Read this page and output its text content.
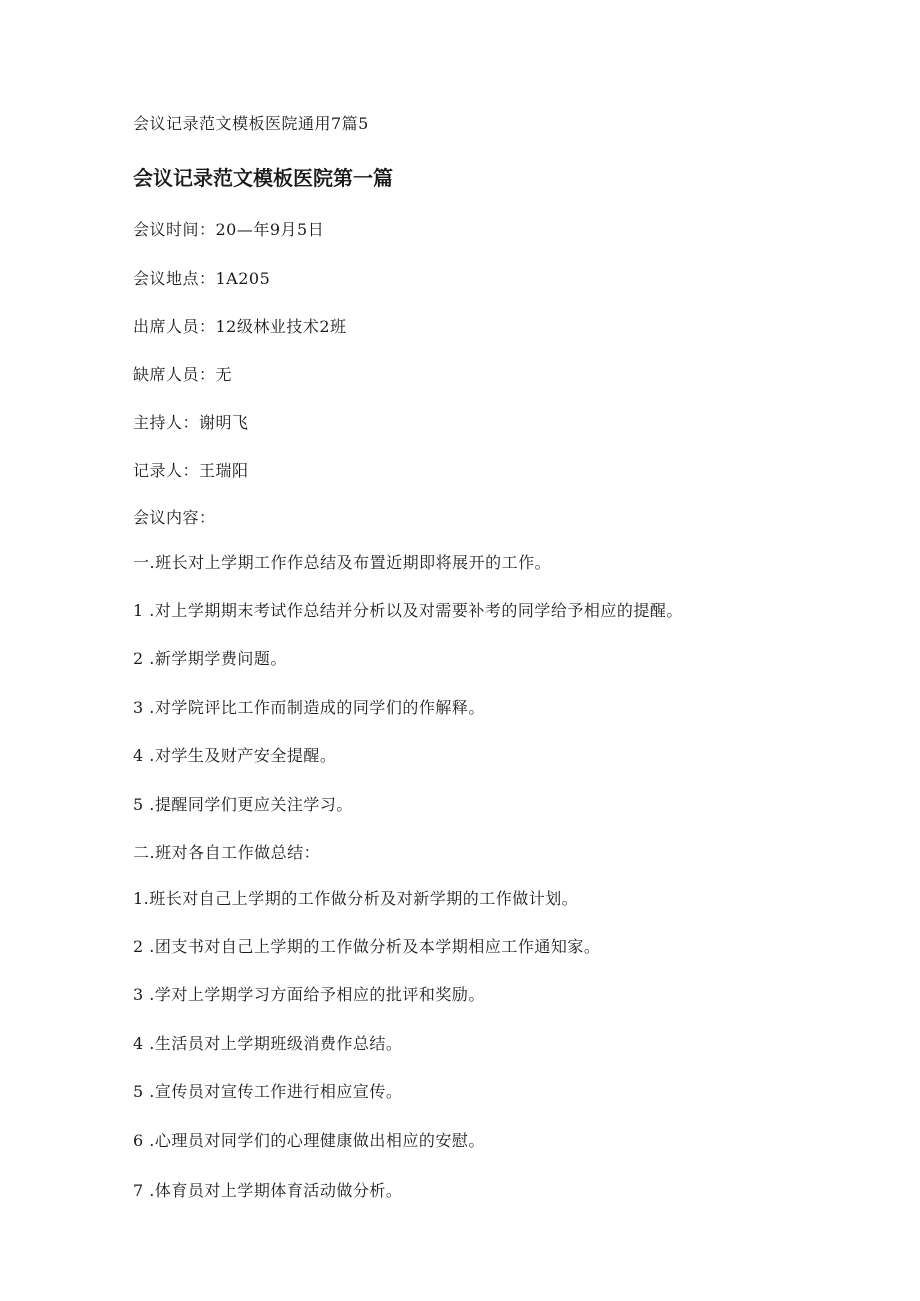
会议记录范文模板医院通用7篇5
会议记录范文模板医院第一篇
会议时间：20—年9月5日
会议地点：1A205
出席人员：12级林业技术2班
缺席人员：无
主持人：谢明飞
记录人：王瑞阳
会议内容：
一.班长对上学期工作作总结及布置近期即将展开的工作。
1 .对上学期期末考试作总结并分析以及对需要补考的同学给予相应的提醒。
2 .新学期学费问题。
3 .对学院评比工作而制造成的同学们的作解释。
4 .对学生及财产安全提醒。
5 .提醒同学们更应关注学习。
二.班对各自工作做总结：
1.班长对自己上学期的工作做分析及对新学期的工作做计划。
2 .团支书对自己上学期的工作做分析及本学期相应工作通知家。
3 .学对上学期学习方面给予相应的批评和奖励。
4 .生活员对上学期班级消费作总结。
5 .宣传员对宣传工作进行相应宣传。
6 .心理员对同学们的心理健康做出相应的安慰。
7 .体育员对上学期体育活动做分析。
